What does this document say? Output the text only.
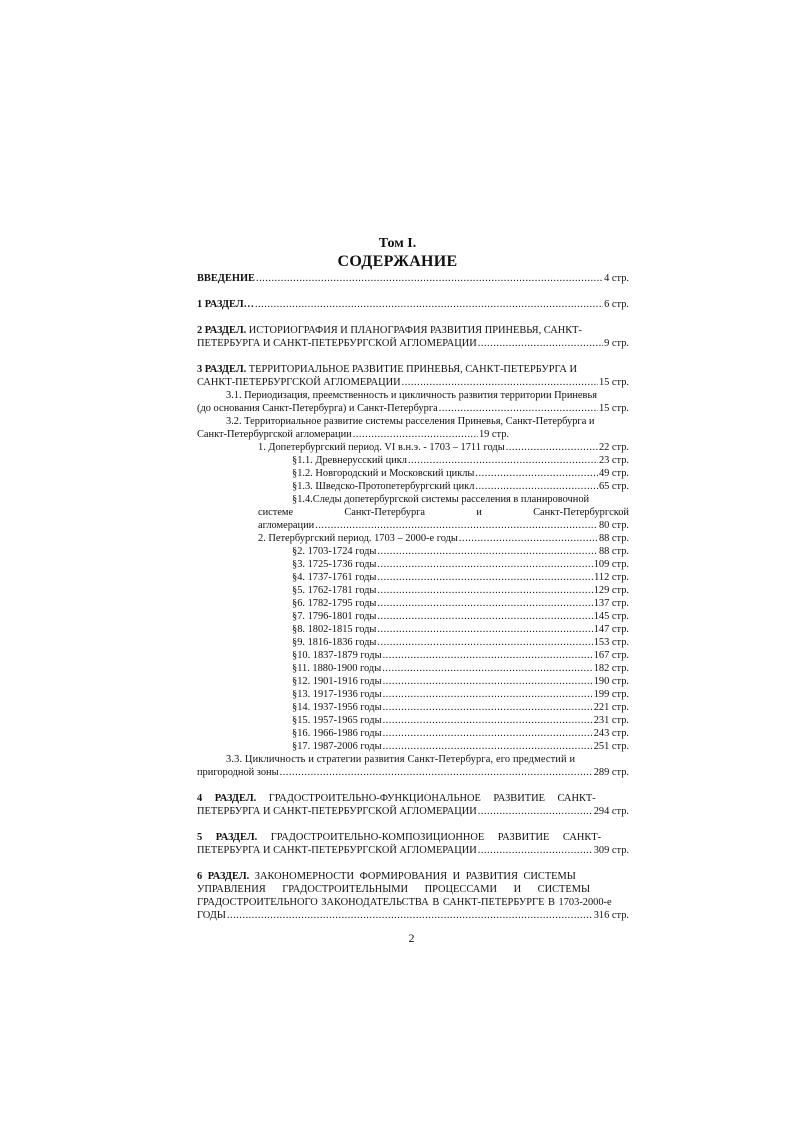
Том I.
СОДЕРЖАНИЕ
ВВЕДЕНИЕ .....	4 стр.
1 РАЗДЕЛ… .....	6 стр.
2 РАЗДЕЛ. ИСТОРИОГРАФИЯ И ПЛАНОГРАФИЯ РАЗВИТИЯ ПРИНЕВЬЯ, САНКТ-
ПЕТЕРБУРГА И САНКТ-ПЕТЕРБУРГСКОЙ АГЛОМЕРАЦИИ .....	9 стр.
3 РАЗДЕЛ. ТЕРРИТОРИАЛЬНОЕ РАЗВИТИЕ ПРИНЕВЬЯ, САНКТ-ПЕТЕРБУРГА И
САНКТ-ПЕТЕРБУРГСКОЙ АГЛОМЕРАЦИИ .....	15 стр.
3.1. Периодизация, преемственность и цикличность развития территории Приневья
(до основания Санкт-Петербурга) и Санкт-Петербурга .....	15 стр.
3.2. Территориальное развитие системы расселения Приневья, Санкт-Петербурга и
Санкт-Петербургской агломерации .....	19 стр.
1. Допетербургский период. VI в.н.э. - 1703 – 1711 годы .....	22 стр.
§1.1. Древнерусский цикл .....	23 стр.
§1.2. Новгородский и Московский циклы .....	49 стр.
§1.3. Шведско-Протопетербургский цикл .....	65 стр.
§1.4.Следы допетербургской системы расселения в планировочной
системе	Санкт-Петербурга	и	Санкт-Петербургской
агломерации .....	80 стр.
2. Петербургский период. 1703 – 2000-е годы .....	88 стр.
§2. 1703-1724 годы .....	88 стр.
§3. 1725-1736 годы .....	109 стр.
§4. 1737-1761 годы .....	112 стр.
§5. 1762-1781 годы .....	129 стр.
§6. 1782-1795 годы .....	137 стр.
§7. 1796-1801 годы .....	145 стр.
§8. 1802-1815 годы .....	147 стр.
§9. 1816-1836 годы .....	153 стр.
§10. 1837-1879 годы .....	167 стр.
§11. 1880-1900 годы .....	182 стр.
§12. 1901-1916 годы .....	190 стр.
§13. 1917-1936 годы .....	199 стр.
§14. 1937-1956 годы .....	221 стр.
§15. 1957-1965 годы .....	231 стр.
§16. 1966-1986 годы .....	243 стр.
§17. 1987-2006 годы .....	251 стр.
3.3. Цикличность и стратегии развития Санкт-Петербурга, его предместий и
пригородной зоны .....	289 стр.
4 РАЗДЕЛ. ГРАДОСТРОИТЕЛЬНО-ФУНКЦИОНАЛЬНОЕ РАЗВИТИЕ САНКТ-
ПЕТЕРБУРГА И САНКТ-ПЕТЕРБУРГСКОЙ АГЛОМЕРАЦИИ .....	294 стр.
5 РАЗДЕЛ. ГРАДОСТРОИТЕЛЬНО-КОМПОЗИЦИОННОЕ РАЗВИТИЕ САНКТ-
ПЕТЕРБУРГА И САНКТ-ПЕТЕРБУРГСКОЙ АГЛОМЕРАЦИИ .....	309 стр.
6 РАЗДЕЛ. ЗАКОНОМЕРНОСТИ ФОРМИРОВАНИЯ И РАЗВИТИЯ СИСТЕМЫ
УПРАВЛЕНИЯ ГРАДОСТРОИТЕЛЬНЫМИ ПРОЦЕССАМИ И СИСТЕМЫ
ГРАДОСТРОИТЕЛЬНОГО ЗАКОНОДАТЕЛЬСТВА В САНКТ-ПЕТЕРБУРГЕ В 1703-2000-е
ГОДЫ .....	316 стр.
2
